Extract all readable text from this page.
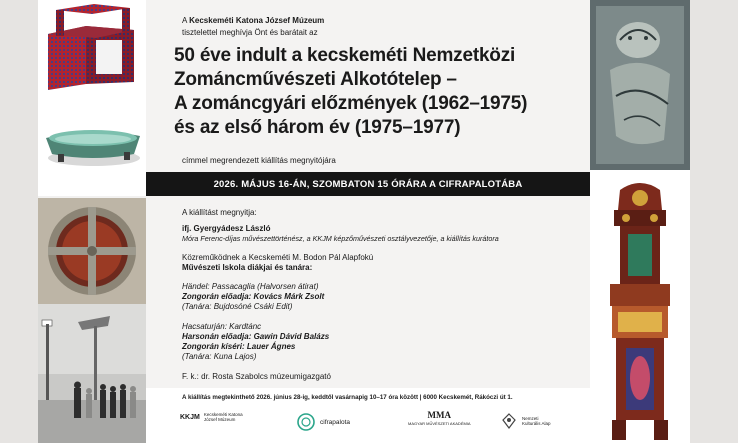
A Kecskeméti Katona József Múzeum
tisztelettel meghívja Önt és barátait az
50 éve indult a kecskeméti Nemzetközi
Zománcművészeti Alkotótelep –
A zománcgyári előzmények (1962–1975)
és az első három év (1975–1977)
címmel megrendezett kiállítás megnyitójára
2026. MÁJUS 16-ÁN, SZOMBATON 15 ÓRÁRA A CIFRAPALOTÁBA
A kiállítást megnyitja:
ifj. Gyergyádesz László
Móra Ferenc-díjas művészettörténész, a KKJM képzőművészeti osztályvezetője, a kiállítás kurátora
Közreműködnek a Kecskeméti M. Bodon Pál Alapfokú
Művészeti Iskola diákjai és tanára:
Händel: Passacaglia (Halvorsen átirat)
Zongorán előadja: Kovács Márk Zsolt
(Tanára: Bujdosóné Csáki Edit)
Hacsaturján: Kardtánc
Harsonán előadja: Gawin Dávid Balázs
Zongorán kíséri: Lauer Ágnes
(Tanára: Kuna Lajos)
F. k.: dr. Rosta Szabolcs múzeumigazgató
A kiállítás megtekinthető 2026. június 28-ig, keddtől vasárnapig 10–17 óra között | 6000 Kecskemét, Rákóczi út 1.
KKJM Kecskeméti Katona József Múzeum	cifrapalota
MMA
MAGYAR MŰVÉSZETI AKADÉMIA
Nemzeti Kulturális Alap
